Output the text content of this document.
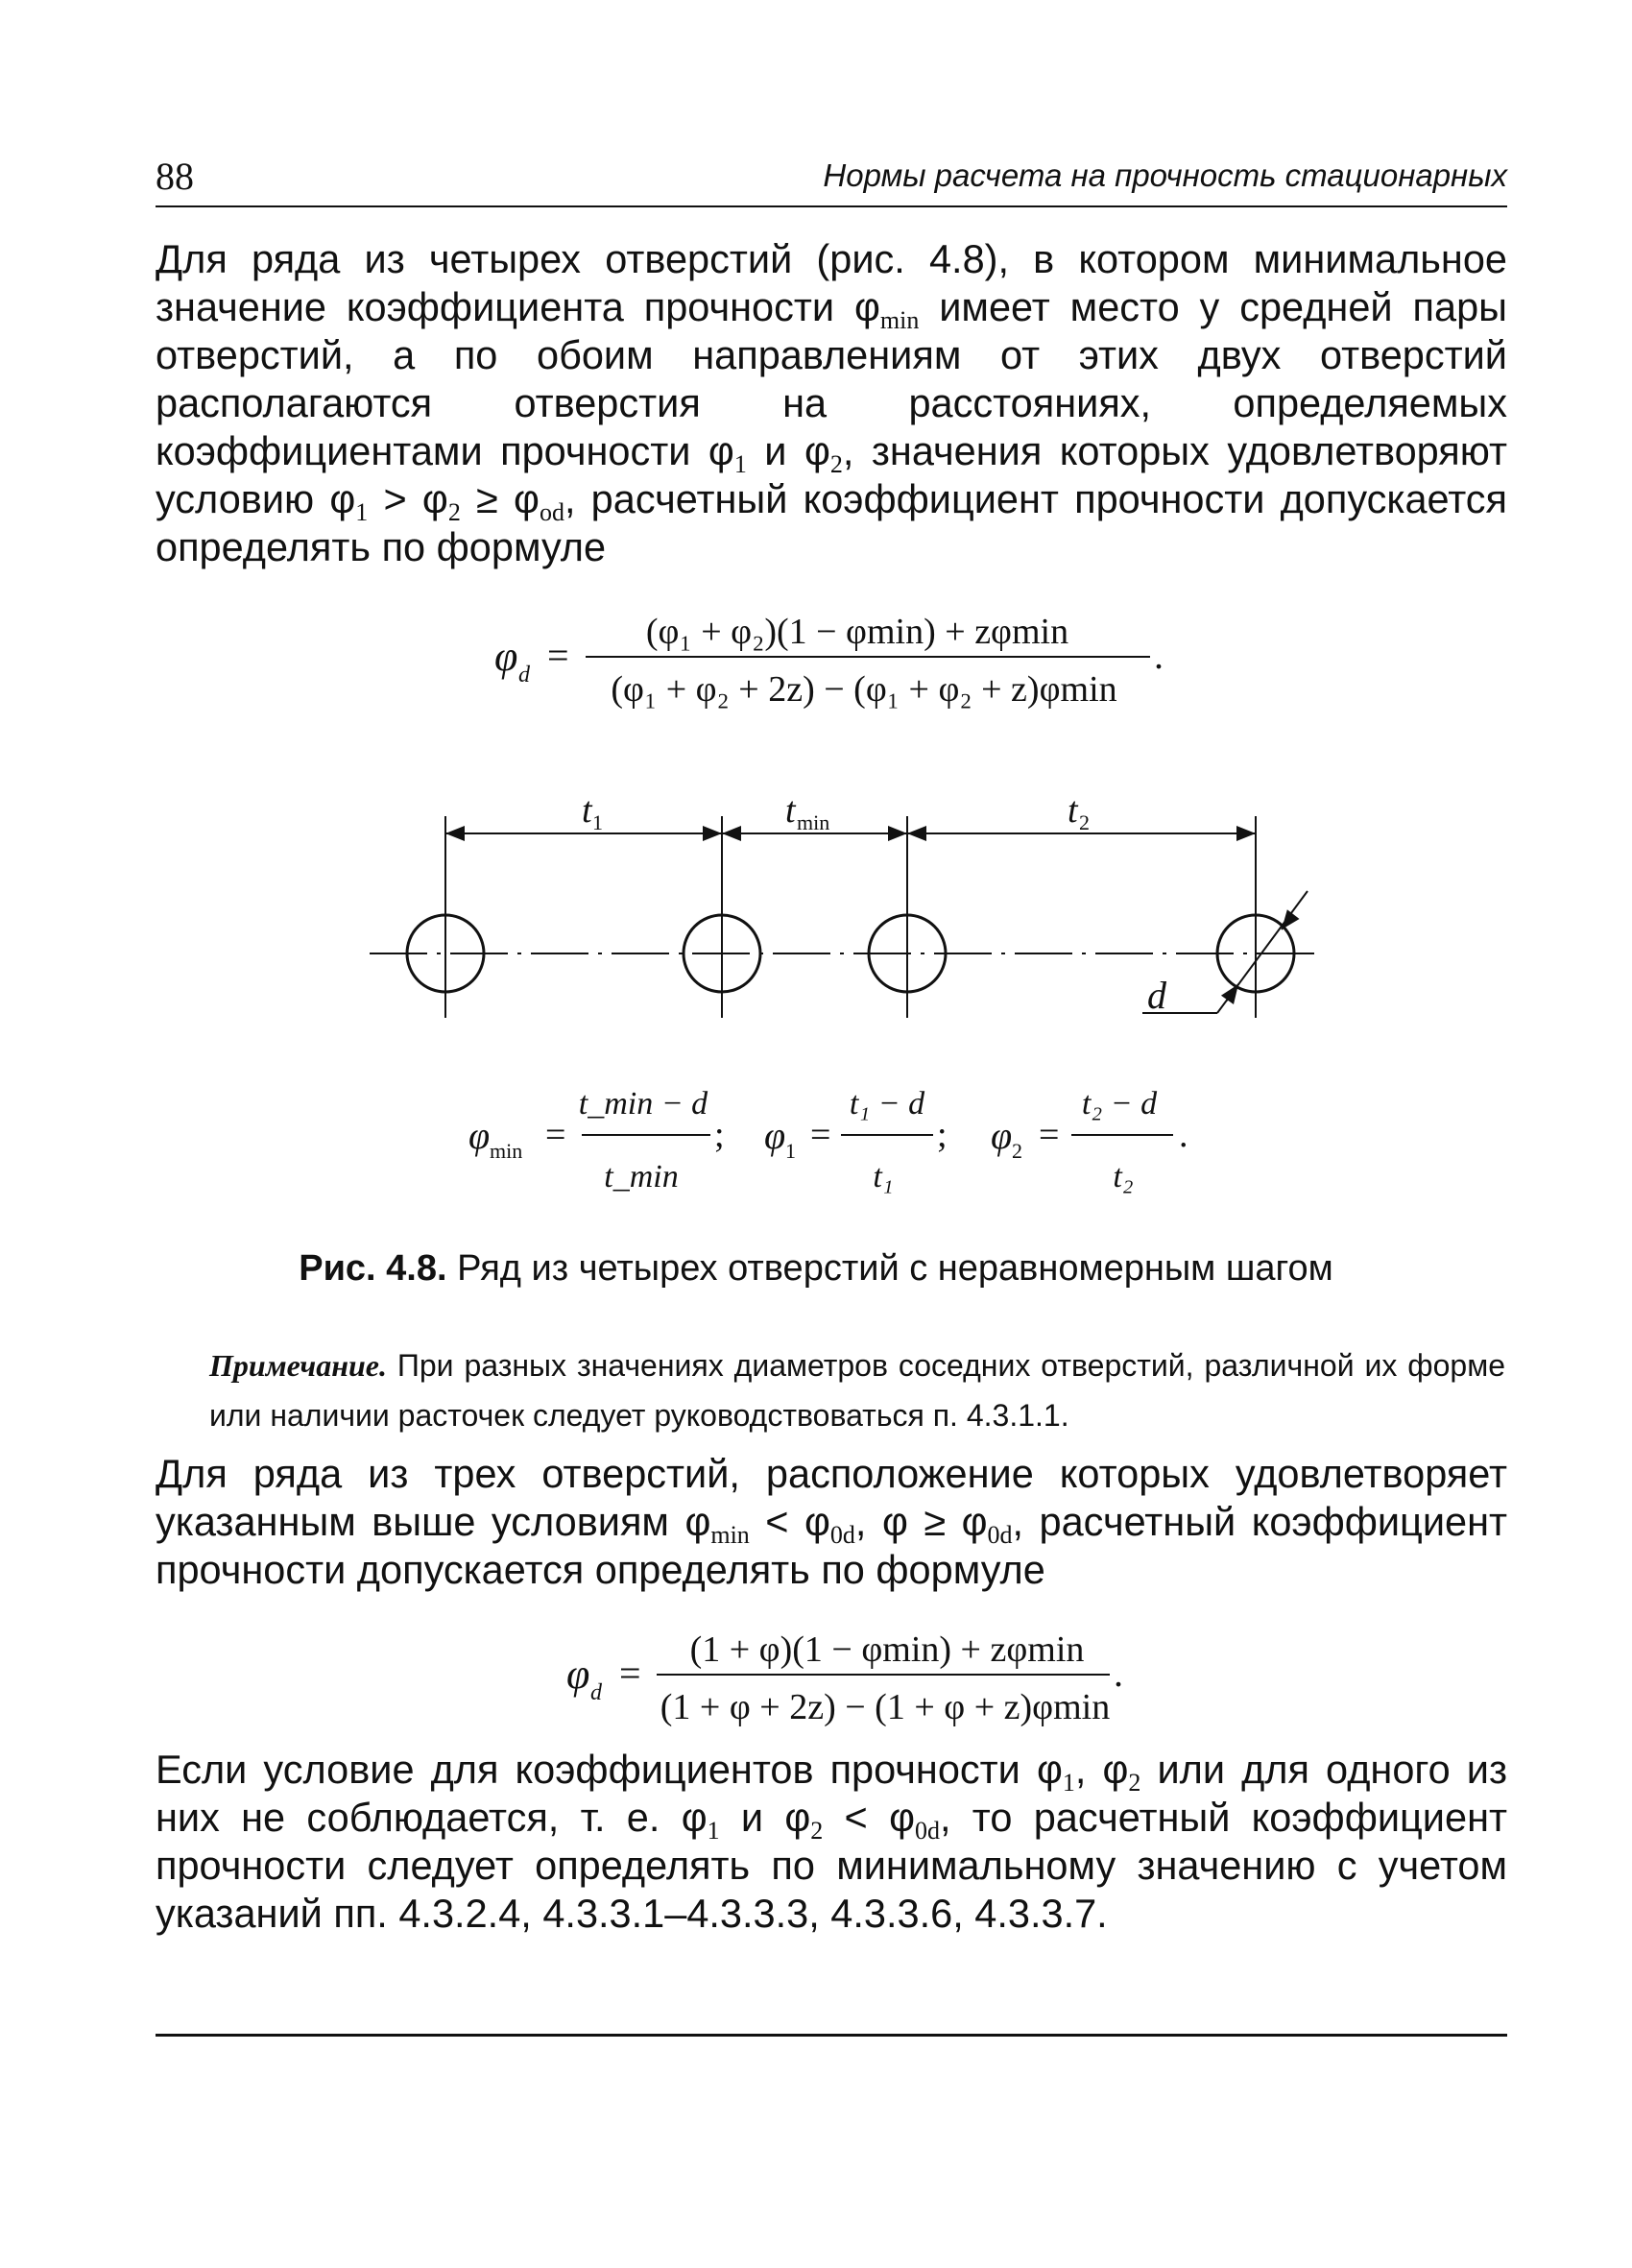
88	Нормы расчета на прочность стационарных
Для ряда из четырех отверстий (рис. 4.8), в котором минимальное значение коэффициента прочности $\varphi_{min}$ имеет место у средней пары отверстий, а по обоим направлениям от этих двух отверстий располагаются отверстия на расстояниях, определяемых коэффициентами прочности $\varphi_1$ и $\varphi_2$, значения которых удовлетворяют условию $\varphi_1 > \varphi_2 \ge \varphi_{od}$, расчетный коэффициент прочности допускается определять по формуле
φ d =
(φ₁ + φ₂)(1 − φmin) + zφmin
(φ₁ + φ₂ + 2z) − (φ₁ + φ₂ + z)φmin
.
t 1	t min	t 2
d
φ min =
t_min − d
t_min
; φ 1 =
t₁ − d
t₁
; φ 2 =
t₂ − d
t₂
.
Рис. 4.8. Ряд из четырех отверстий с неравномерным шагом
Примечание. При разных значениях диаметров соседних отверстий, различной их форме или наличии расточек следует руководствоваться п. 4.3.1.1.
Для ряда из трех отверстий, расположение которых удовлетворяет указанным выше условиям $\varphi_{min} < \varphi_{0d}$, $\varphi \ge \varphi_{0d}$, расчетный коэффициент прочности допускается определять по формуле
φ d =
(1 + φ)(1 − φmin) + zφmin
(1 + φ + 2z) − (1 + φ + z)φmin
.
Если условие для коэффициентов прочности $\varphi_1$, $\varphi_2$ или для одного из них не соблюдается, т. е. $\varphi_1$ и $\varphi_2 < \varphi_{0d}$, то расчетный коэффициент прочности следует определять по минимальному значению с учетом указаний пп. 4.3.2.4, 4.3.3.1–4.3.3.3, 4.3.3.6, 4.3.3.7.
